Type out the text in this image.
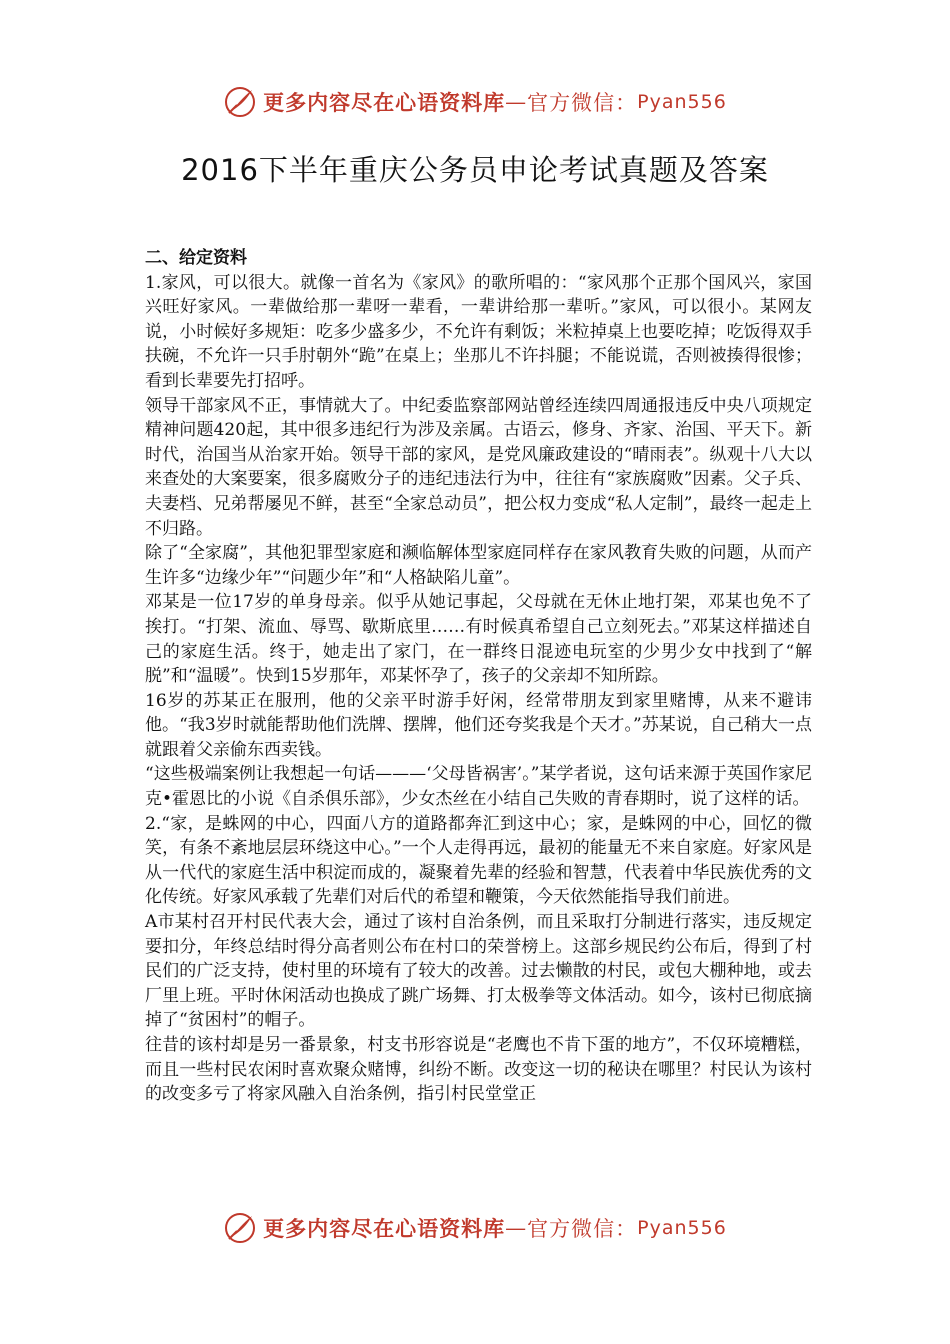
更多内容尽在心语资料库 — 官方微信： Pyan556
2016下半年重庆公务员申论考试真题及答案

二、给定资料

1.家风，可以很大。就像一首名为《家风》的歌所唱的：“家风那个正那个国风兴，家国兴旺好家风。一辈做给那一辈呀一辈看，一辈讲给那一辈听。”家风，可以很小。某网友说，小时候好多规矩：吃多少盛多少，不允许有剩饭；米粒掉桌上也要吃掉；吃饭得双手扶碗，不允许一只手肘朝外“跪”在桌上；坐那儿不许抖腿；不能说谎，否则被揍得很惨；看到长辈要先打招呼。

领导干部家风不正，事情就大了。中纪委监察部网站曾经连续四周通报违反中央八项规定精神问题420起，其中很多违纪行为涉及亲属。古语云，修身、齐家、治国、平天下。新时代，治国当从治家开始。领导干部的家风，是党风廉政建设的“晴雨表”。纵观十八大以来查处的大案要案，很多腐败分子的违纪违法行为中，往往有“家族腐败”因素。父子兵、夫妻档、兄弟帮屡见不鲜，甚至“全家总动员”，把公权力变成“私人定制”，最终一起走上不归路。

除了“全家腐”，其他犯罪型家庭和濒临解体型家庭同样存在家风教育失败的问题，从而产生许多“边缘少年”“问题少年”和“人格缺陷儿童”。

邓某是一位17岁的单身母亲。似乎从她记事起，父母就在无休止地打架，邓某也免不了挨打。“打架、流血、辱骂、歇斯底里……有时候真希望自己立刻死去。”邓某这样描述自己的家庭生活。终于，她走出了家门，在一群终日混迹电玩室的少男少女中找到了“解脱”和“温暖”。快到15岁那年，邓某怀孕了，孩子的父亲却不知所踪。

16岁的苏某正在服刑，他的父亲平时游手好闲，经常带朋友到家里赌博，从来不避讳他。“我3岁时就能帮助他们洗牌、摆牌，他们还夸奖我是个天才。”苏某说，自己稍大一点就跟着父亲偷东西卖钱。

“这些极端案例让我想起一句话———‘父母皆祸害’。”某学者说，这句话来源于英国作家尼克•霍恩比的小说《自杀俱乐部》，少女杰丝在小结自己失败的青春期时，说了这样的话。

2.“家，是蛛网的中心，四面八方的道路都奔汇到这中心；家，是蛛网的中心，回忆的微笑，有条不紊地层层环绕这中心。”一个人走得再远，最初的能量无不来自家庭。好家风是从一代代的家庭生活中积淀而成的，凝聚着先辈的经验和智慧，代表着中华民族优秀的文化传统。好家风承载了先辈们对后代的希望和鞭策，今天依然能指导我们前进。

A市某村召开村民代表大会，通过了该村自治条例，而且采取打分制进行落实，违反规定要扣分，年终总结时得分高者则公布在村口的荣誉榜上。这部乡规民约公布后，得到了村民们的广泛支持，使村里的环境有了较大的改善。过去懒散的村民，或包大棚种地，或去厂里上班。平时休闲活动也换成了跳广场舞、打太极拳等文体活动。如今，该村已彻底摘掉了“贫困村”的帽子。

往昔的该村却是另一番景象，村支书形容说是“老鹰也不肯下蛋的地方”，不仅环境糟糕，而且一些村民农闲时喜欢聚众赌博，纠纷不断。改变这一切的秘诀在哪里？村民认为该村的改变多亏了将家风融入自治条例，指引村民堂堂正

更多内容尽在心语资料库 — 官方微信： Pyan556
